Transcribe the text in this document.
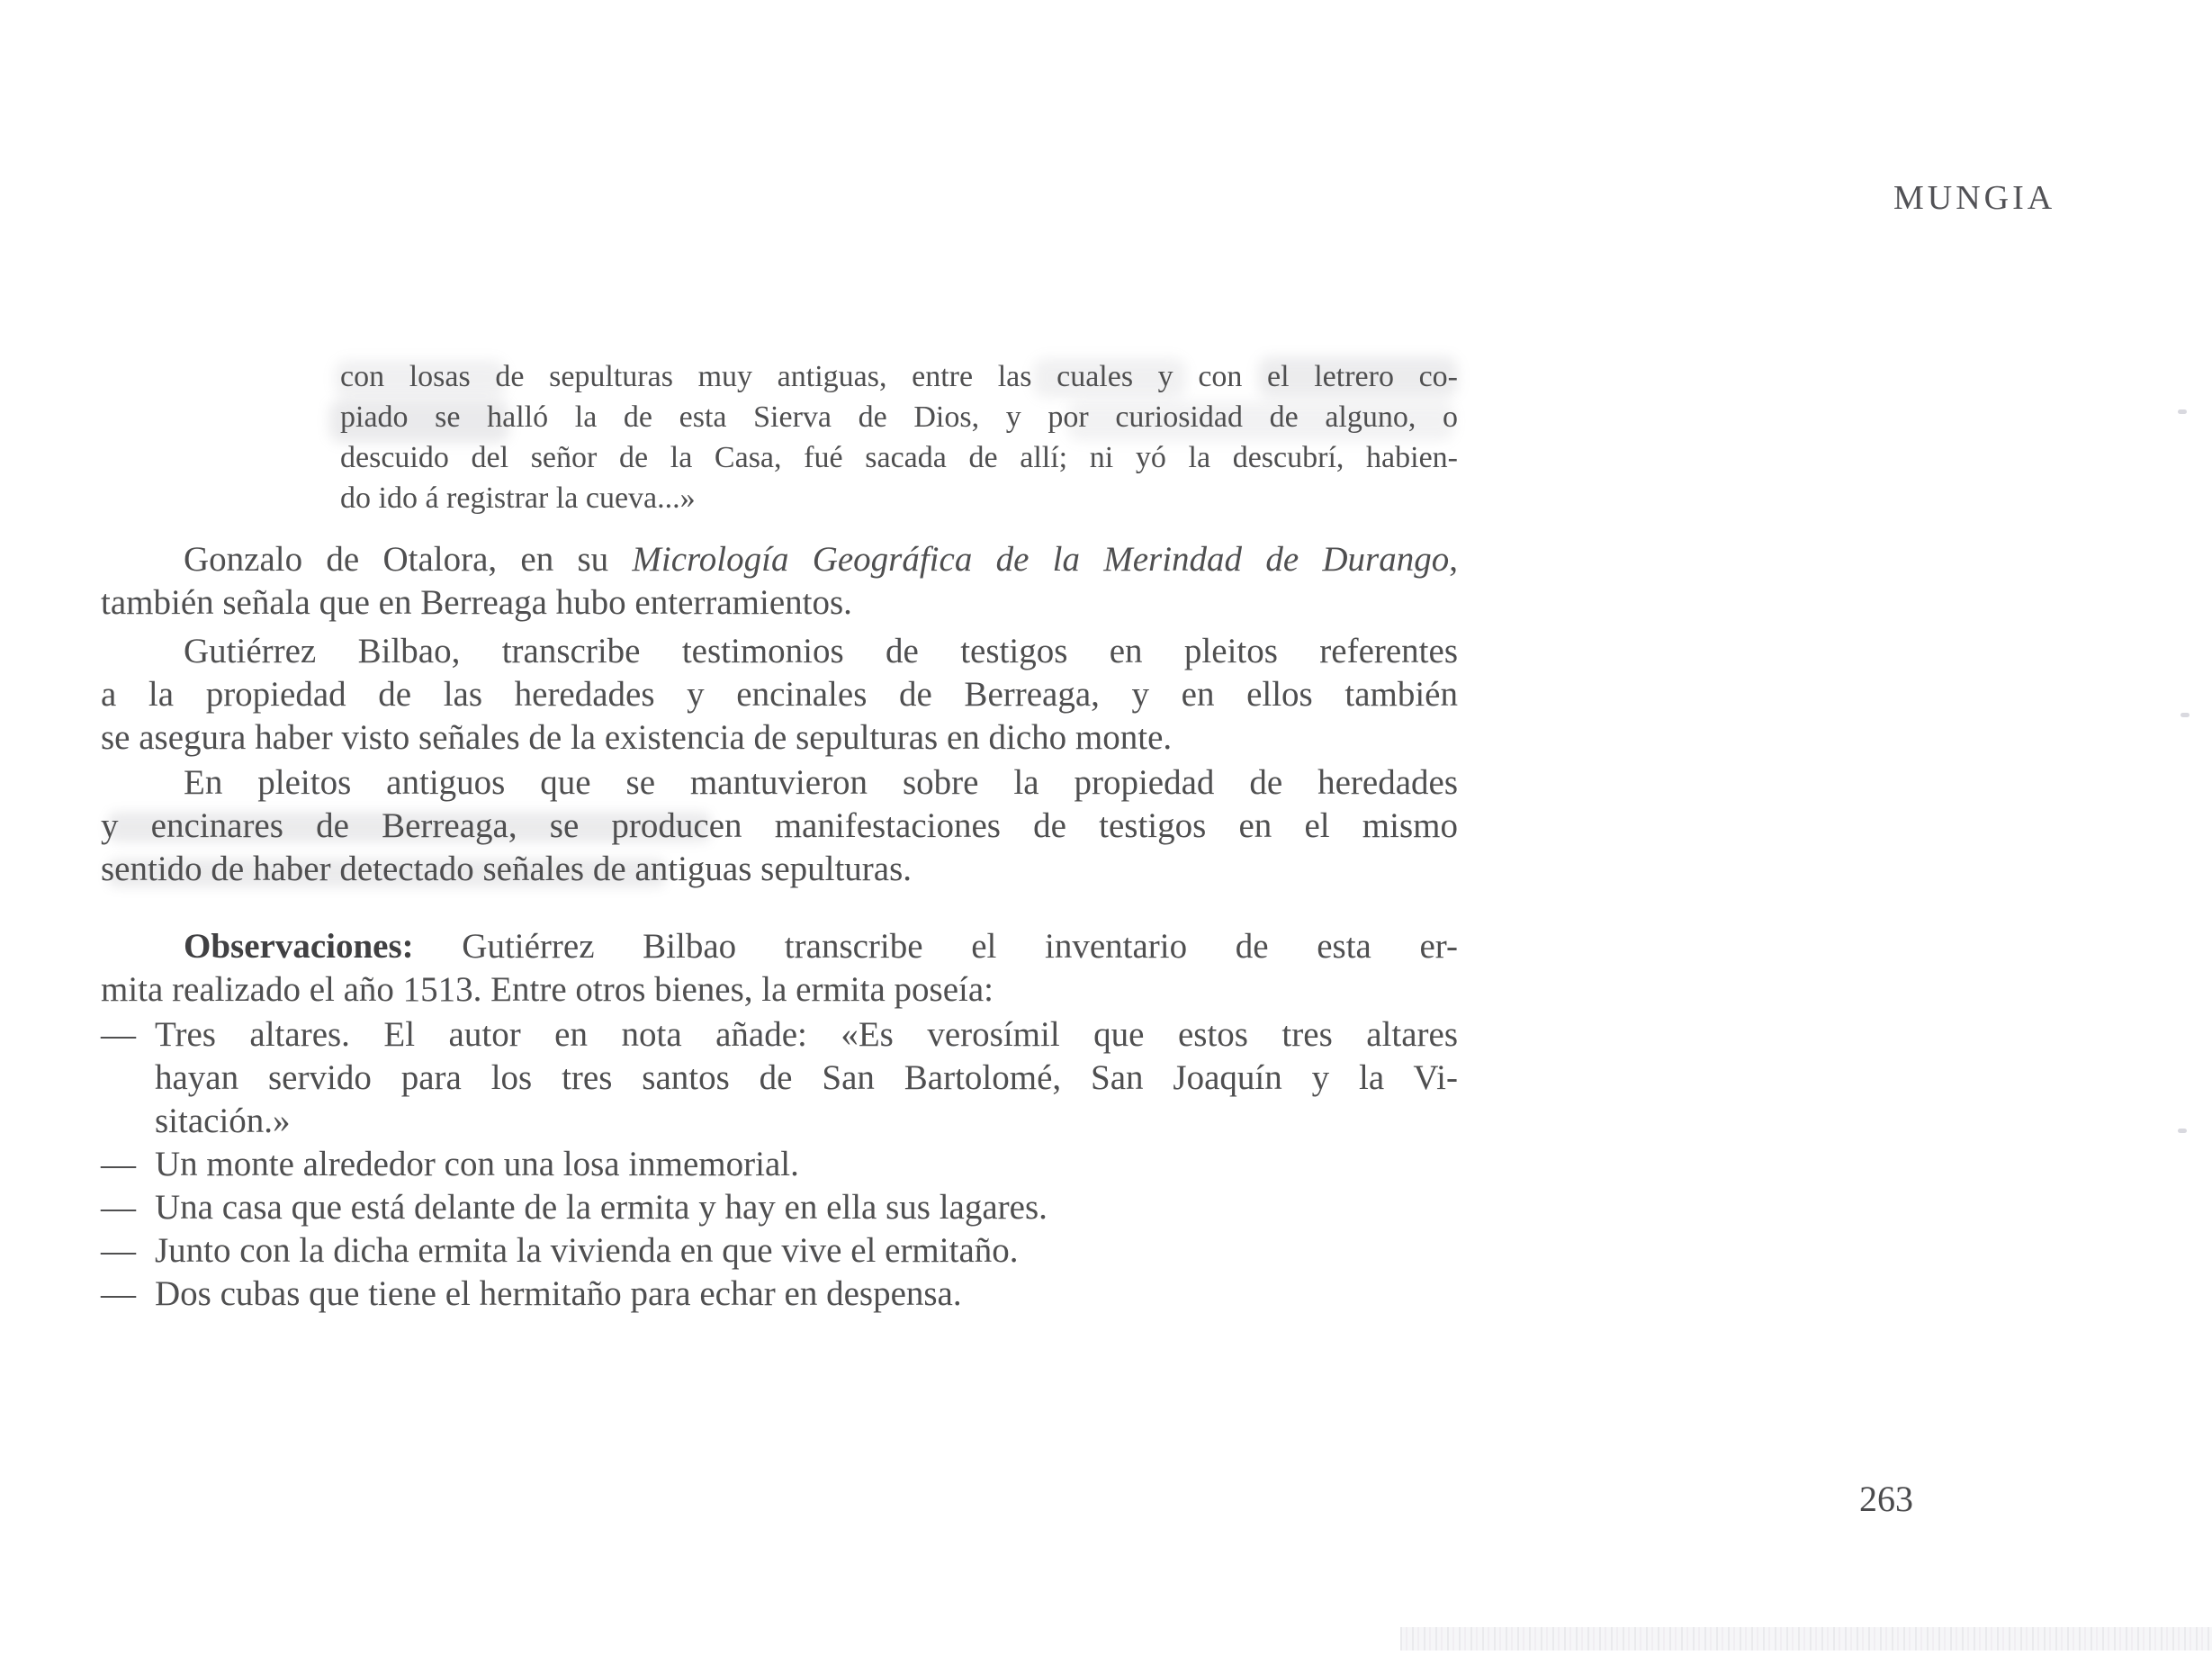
MUNGIA
con losas de sepulturas muy antiguas, entre las cuales y con el letrero co-
piado se halló la de esta Sierva de Dios, y por curiosidad de alguno, o
descuido del señor de la Casa, fué sacada de allí; ni yó la descubrí, habien-
do ido á registrar la cueva...»
Gonzalo de Otalora, en su Micrología Geográfica de la Merindad de Durango,
también señala que en Berreaga hubo enterramientos.
Gutiérrez Bilbao, transcribe testimonios de testigos en pleitos referentes
a la propiedad de las heredades y encinales de Berreaga, y en ellos también
se asegura haber visto señales de la existencia de sepulturas en dicho monte.
En pleitos antiguos que se mantuvieron sobre la propiedad de heredades
y encinares de Berreaga, se producen manifestaciones de testigos en el mismo
sentido de haber detectado señales de antiguas sepulturas.
Observaciones: Gutiérrez Bilbao transcribe el inventario de esta er-
mita realizado el año 1513. Entre otros bienes, la ermita poseía:
— Tres altares. El autor en nota añade: «Es verosímil que estos tres altares
hayan servido para los tres santos de San Bartolomé, San Joaquín y la Vi-
sitación.»
— Un monte alrededor con una losa inmemorial.
— Una casa que está delante de la ermita y hay en ella sus lagares.
— Junto con la dicha ermita la vivienda en que vive el ermitaño.
— Dos cubas que tiene el hermitaño para echar en despensa.
263
